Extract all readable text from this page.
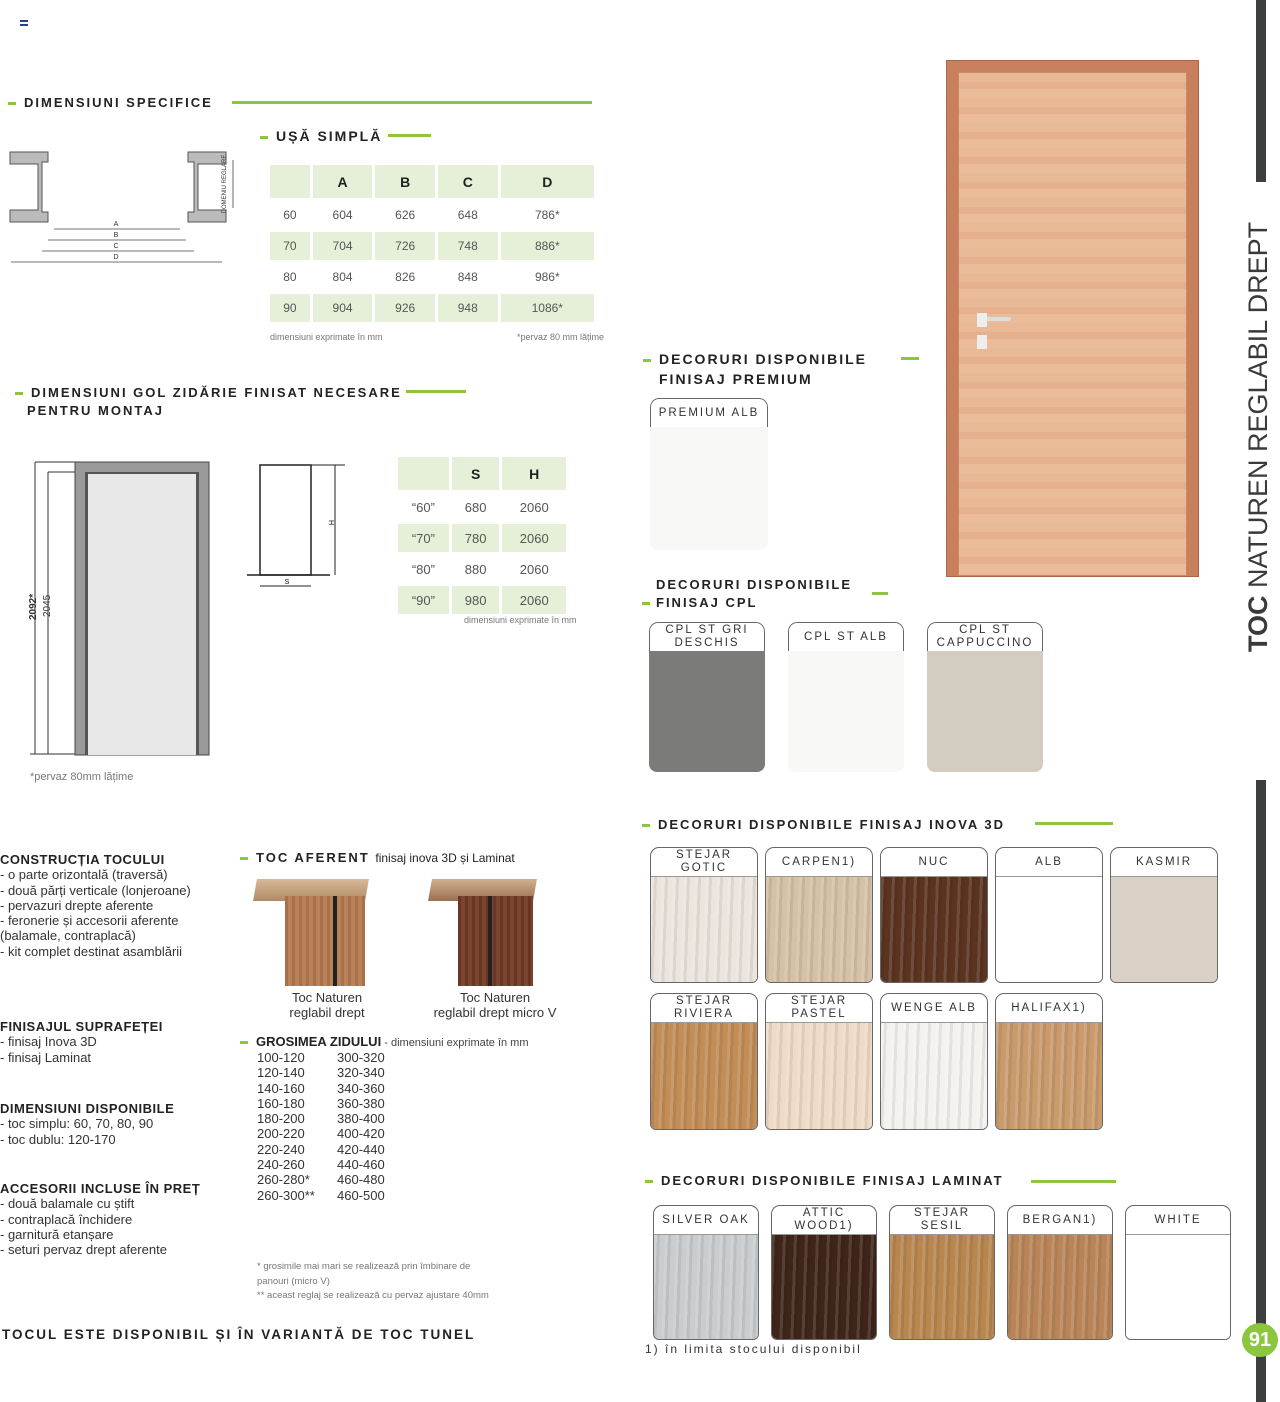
DIMENSIUNI SPECIFICE
UȘĂ SIMPLĂ
A
B
C
D
DOMENIU REGLARE
		A	B	C	D
60	604	626	648	786*
70	704	726	748	886*
80	804	826	848	986*
90	904	926	948	1086*
dimensiuni exprimate în mm	*pervaz 80 mm lățime
DIMENSIUNI GOL ZIDĂRIE FINISAT NECESARE
PENTRU MONTAJ
2092* 2045
*pervaz 80mm lățime
S
H
	S	H
“60”	680	2060
“70”	780	2060
“80”	880	2060
“90”	980	2060
dimensiuni exprimate în mm
CONSTRUCȚIA TOCULUI
- o parte orizontală (traversă)
- două părți verticale (lonjeroane)
- pervazuri drepte aferente
- feronerie și accesorii aferente
(balamale, contraplacă)
- kit complet destinat asamblării
FINISAJUL SUPRAFEȚEI
- finisaj Inova 3D
- finisaj Laminat
DIMENSIUNI DISPONIBILE
- toc simplu: 60, 70, 80, 90
- toc dublu: 120-170
ACCESORII INCLUSE ÎN PREȚ
- două balamale cu știft
- contraplacă închidere
- garnitură etanșare
- seturi pervaz drept aferente
TOC AFERENT finisaj inova 3D și Laminat
Toc Naturen
reglabil drept
Toc Naturen
reglabil drept micro V
GROSIMEA ZIDULUI - dimensiuni exprimate în mm
100-120	300-320
120-140	320-340
140-160	340-360
160-180	360-380
180-200	380-400
200-220	400-420
220-240	420-440
240-260	440-460
260-280*	460-480
260-300**	460-500
* grosimile mai mari se realizează prin îmbinare de
panouri (micro V)
** aceast reglaj se realizează cu pervaz ajustare 40mm
TOCUL ESTE DISPONIBIL ȘI ÎN VARIANTĂ DE TOC TUNEL
DECORURI DISPONIBILE
FINISAJ PREMIUM
PREMIUM ALB
DECORURI DISPONIBILE
FINISAJ CPL
CPL ST GRI DESCHIS
CPL ST ALB
CPL ST CAPPUCCINO
DECORURI DISPONIBILE FINISAJ INOVA 3D
STEJAR GOTIC
CARPEN1)	NUC	ALB	KASMIR
STEJAR RIVIERA
STEJAR PASTEL
WENGE ALB	HALIFAX1)
DECORURI DISPONIBILE FINISAJ LAMINAT
SILVER OAK
ATTIC WOOD1)
STEJAR SESIL
BERGAN1)	WHITE
1) în limita stocului disponibil
TOC NATUREN REGLABIL DREPT
91
